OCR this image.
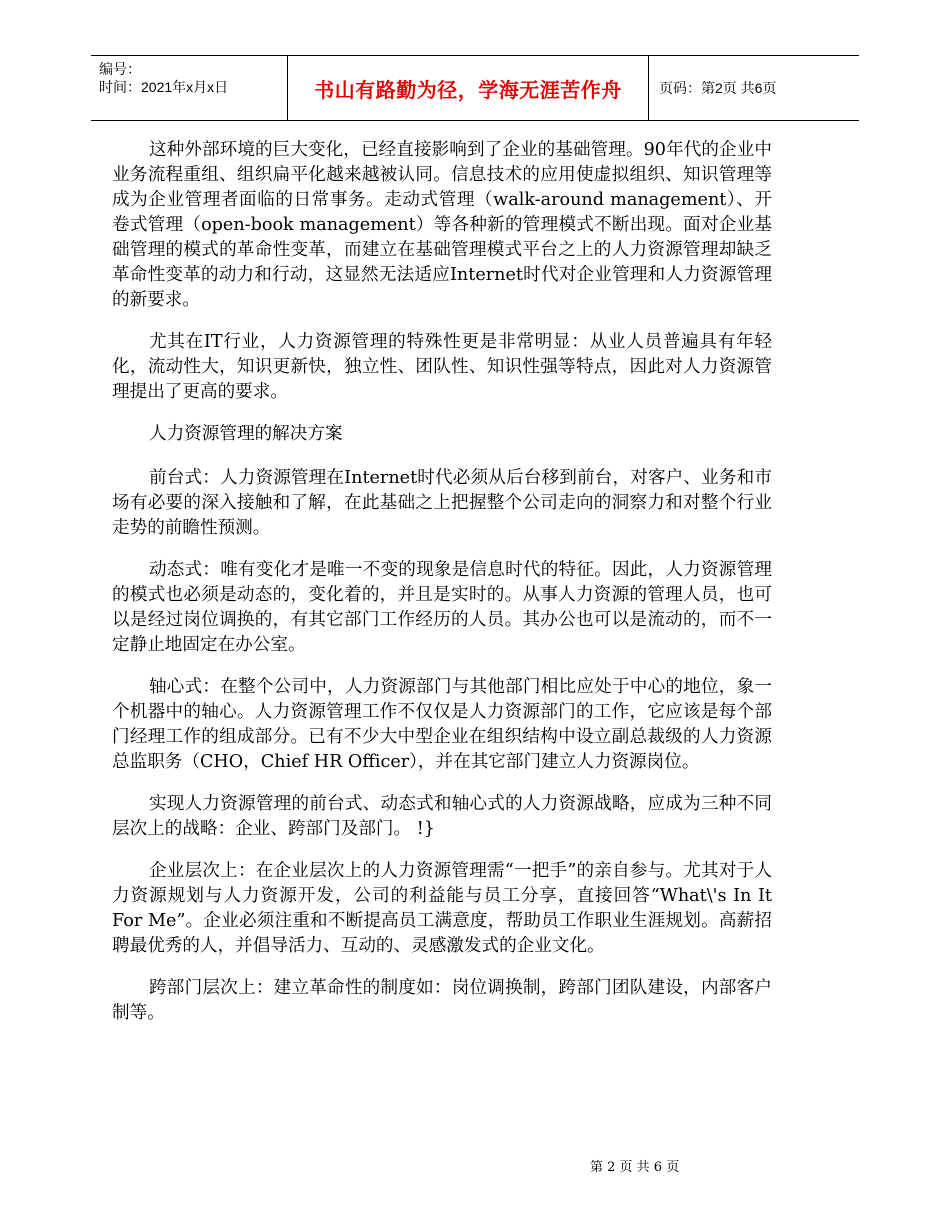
编号：
时间：2021年x月x日	书山有路勤为径，学海无涯苦作舟	页码：第2页 共6页

这种外部环境的巨大变化，已经直接影响到了企业的基础管理。90年代的企业中业务流程重组、组织扁平化越来越被认同。信息技术的应用使虚拟组织、知识管理等成为企业管理者面临的日常事务。走动式管理（walk-around management）、开卷式管理（open-book management）等各种新的管理模式不断出现。面对企业基础管理的模式的革命性变革，而建立在基础管理模式平台之上的人力资源管理却缺乏革命性变革的动力和行动，这显然无法适应Internet时代对企业管理和人力资源管理的新要求。

尤其在IT行业，人力资源管理的特殊性更是非常明显：从业人员普遍具有年轻化，流动性大，知识更新快，独立性、团队性、知识性强等特点，因此对人力资源管理提出了更高的要求。

人力资源管理的解决方案

前台式：人力资源管理在Internet时代必须从后台移到前台，对客户、业务和市场有必要的深入接触和了解，在此基础之上把握整个公司走向的洞察力和对整个行业走势的前瞻性预测。

动态式：唯有变化才是唯一不变的现象是信息时代的特征。因此，人力资源管理的模式也必须是动态的，变化着的，并且是实时的。从事人力资源的管理人员，也可以是经过岗位调换的，有其它部门工作经历的人员。其办公也可以是流动的，而不一定静止地固定在办公室。

轴心式：在整个公司中，人力资源部门与其他部门相比应处于中心的地位，象一个机器中的轴心。人力资源管理工作不仅仅是人力资源部门的工作，它应该是每个部门经理工作的组成部分。已有不少大中型企业在组织结构中设立副总裁级的人力资源总监职务（CHO，Chief HR Officer），并在其它部门建立人力资源岗位。

实现人力资源管理的前台式、动态式和轴心式的人力资源战略，应成为三种不同层次上的战略：企业、跨部门及部门。 !}

企业层次上：在企业层次上的人力资源管理需“一把手”的亲自参与。尤其对于人力资源规划与人力资源开发，公司的利益能与员工分享，直接回答“What\'s In It For Me”。企业必须注重和不断提高员工满意度，帮助员工作职业生涯规划。高薪招聘最优秀的人，并倡导活力、互动的、灵感激发式的企业文化。

跨部门层次上：建立革命性的制度如：岗位调换制，跨部门团队建设，内部客户制等。

第 2 页 共 6 页
